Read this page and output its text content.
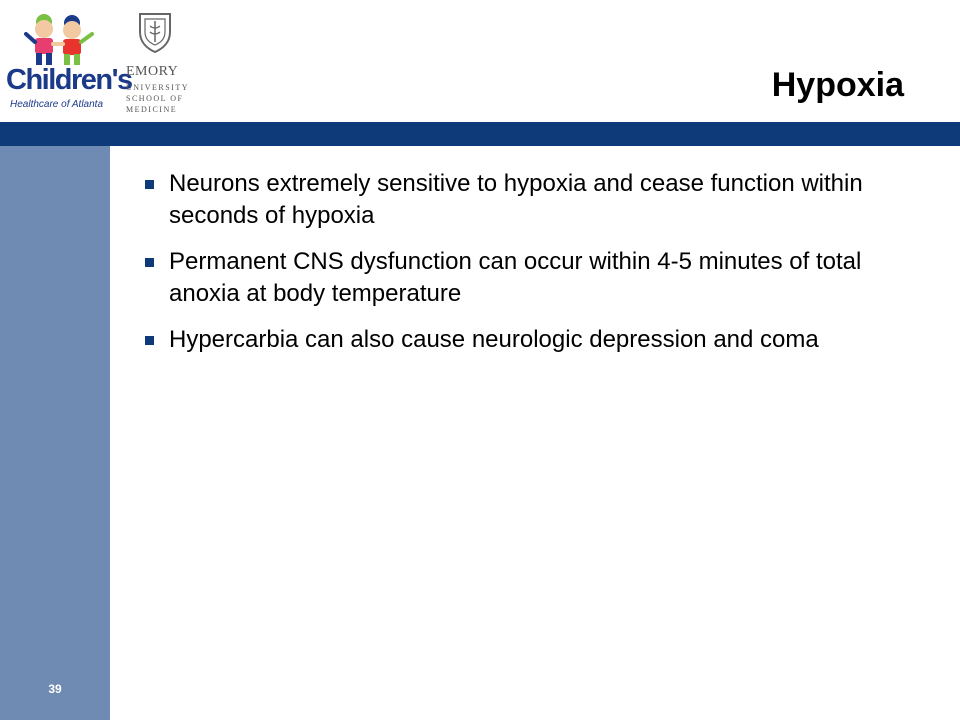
Children's
Healthcare of Atlanta
EMORY
UNIVERSITY
SCHOOL OF
MEDICINE
Hypoxia
39
Neurons extremely sensitive to hypoxia and cease function within seconds of hypoxia
Permanent CNS dysfunction can occur within 4-5 minutes of total anoxia at body temperature
Hypercarbia can also cause neurologic depression and coma
